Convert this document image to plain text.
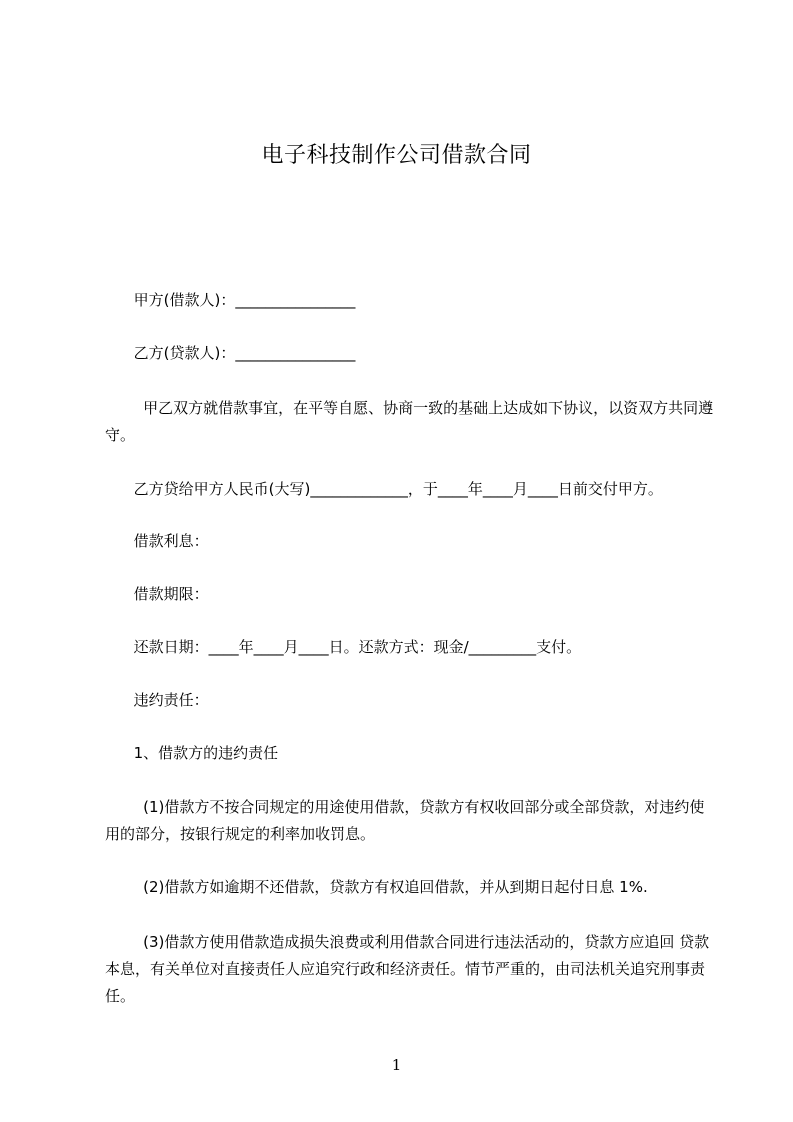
电子科技制作公司借款合同
甲方(借款人)：________________
乙方(贷款人)：________________
甲乙双方就借款事宜，在平等自愿、协商一致的基础上达成如下协议，以资双方共同遵守。
乙方贷给甲方人民币(大写)_____________，于____年____月____日前交付甲方。
借款利息：
借款期限：
还款日期：____年____月____日。还款方式：现金/_________支付。
违约责任：
1、借款方的违约责任
(1)借款方不按合同规定的用途使用借款，贷款方有权收回部分或全部贷款，对违约使用的部分，按银行规定的利率加收罚息。
(2)借款方如逾期不还借款，贷款方有权追回借款，并从到期日起付日息 1%.
(3)借款方使用借款造成损失浪费或利用借款合同进行违法活动的，贷款方应追回 贷款本息，有关单位对直接责任人应追究行政和经济责任。情节严重的，由司法机关追究刑事责任。
1
